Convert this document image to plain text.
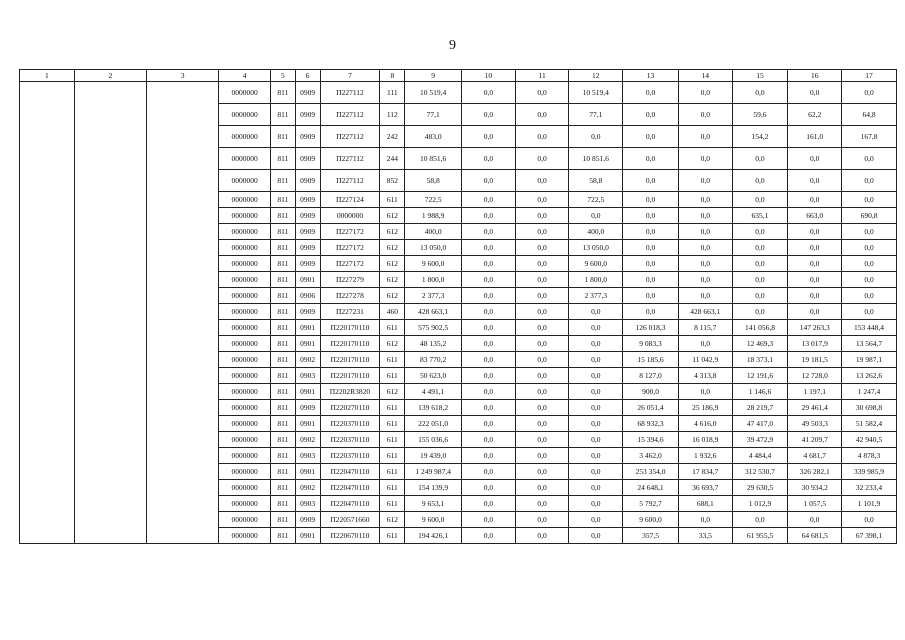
9
1	2	3	4	5	6	7	8	9	10	11	12	13	14	15	16	17
			0000000	811	0909	П227112	111	10 519,4	0,0	0,0	10 519,4	0,0	0,0	0,0	0,0	0,0
			0000000	811	0909	П227112	112	77,1	0,0	0,0	77,1	0,0	0,0	59,6	62,2	64,8
			0000000	811	0909	П227112	242	483,0	0,0	0,0	0,0	0,0	0,0	154,2	161,0	167,8
			0000000	811	0909	П227112	244	10 851,6	0,0	0,0	10 851,6	0,0	0,0	0,0	0,0	0,0
			0000000	811	0909	П227112	852	58,8	0,0	0,0	58,8	0,0	0,0	0,0	0,0	0,0
			0000000	811	0909	П227124	611	722,5	0,0	0,0	722,5	0,0	0,0	0,0	0,0	0,0
			0000000	811	0909	0000000	612	1 988,9	0,0	0,0	0,0	0,0	0,0	635,1	663,0	690,8
			0000000	811	0909	П227172	612	400,0	0,0	0,0	400,0	0,0	0,0	0,0	0,0	0,0
			0000000	811	0909	П227172	612	13 050,0	0,0	0,0	13 050,0	0,0	0,0	0,0	0,0	0,0
			0000000	811	0909	П227172	612	9 600,0	0,0	0,0	9 600,0	0,0	0,0	0,0	0,0	0,0
			0000000	811	0901	П227279	612	1 800,0	0,0	0,0	1 800,0	0,0	0,0	0,0	0,0	0,0
			0000000	811	0906	П227278	612	2 377,3	0,0	0,0	2 377,3	0,0	0,0	0,0	0,0	0,0
			0000000	811	0909	П227231	460	428 663,1	0,0	0,0	0,0	0,0	428 663,1	0,0	0,0	0,0
			0000000	811	0901	П220170110	611	575 902,5	0,0	0,0	0,0	126 018,3	8 115,7	141 056,8	147 263,3	153 448,4
			0000000	811	0901	П220170110	612	48 135,2	0,0	0,0	0,0	9 083,3	0,0	12 469,3	13 017,9	13 564,7
			0000000	811	0902	П220170110	611	83 770,2	0,0	0,0	0,0	15 185,6	11 042,9	18 373,1	19 181,5	19 987,1
			0000000	811	0903	П220170110	611	50 623,0	0,0	0,0	0,0	8 127,0	4 313,8	12 191,6	12 728,0	13 262,6
			0000000	811	0901	П2202R3820	612	4 491,1	0,0	0,0	0,0	900,0	0,0	1 146,6	1 197,1	1 247,4
			0000000	811	0909	П220270110	611	139 618,2	0,0	0,0	0,0	26 051,4	25 186,9	28 219,7	29 461,4	30 698,8
			0000000	811	0901	П220370110	611	222 051,0	0,0	0,0	0,0	68 932,3	4 616,0	47 417,0	49 503,3	51 582,4
			0000000	811	0902	П220370110	611	155 036,6	0,0	0,0	0,0	15 394,6	16 018,9	39 472,9	41 209,7	42 940,5
			0000000	811	0903	П220370110	611	19 439,0	0,0	0,0	0,0	3 462,0	1 932,6	4 484,4	4 681,7	4 878,3
			0000000	811	0901	П220470110	611	1 249 987,4	0,0	0,0	0,0	253 354,0	17 834,7	312 530,7	326 282,1	339 985,9
			0000000	811	0902	П220470110	611	154 139,9	0,0	0,0	0,0	24 648,1	36 693,7	29 630,5	30 934,2	32 233,4
			0000000	811	0903	П220470110	611	9 653,1	0,0	0,0	0,0	5 792,7	688,1	1 012,9	1 057,5	1 101,9
			0000000	811	0909	П220571660	612	9 600,0	0,0	0,0	0,0	9 600,0	0,0	0,0	0,0	0,0
			0000000	811	0901	П220670110	611	194 426,1	0,0	0,0	0,0	357,5	33,5	61 955,5	64 681,5	67 398,1
